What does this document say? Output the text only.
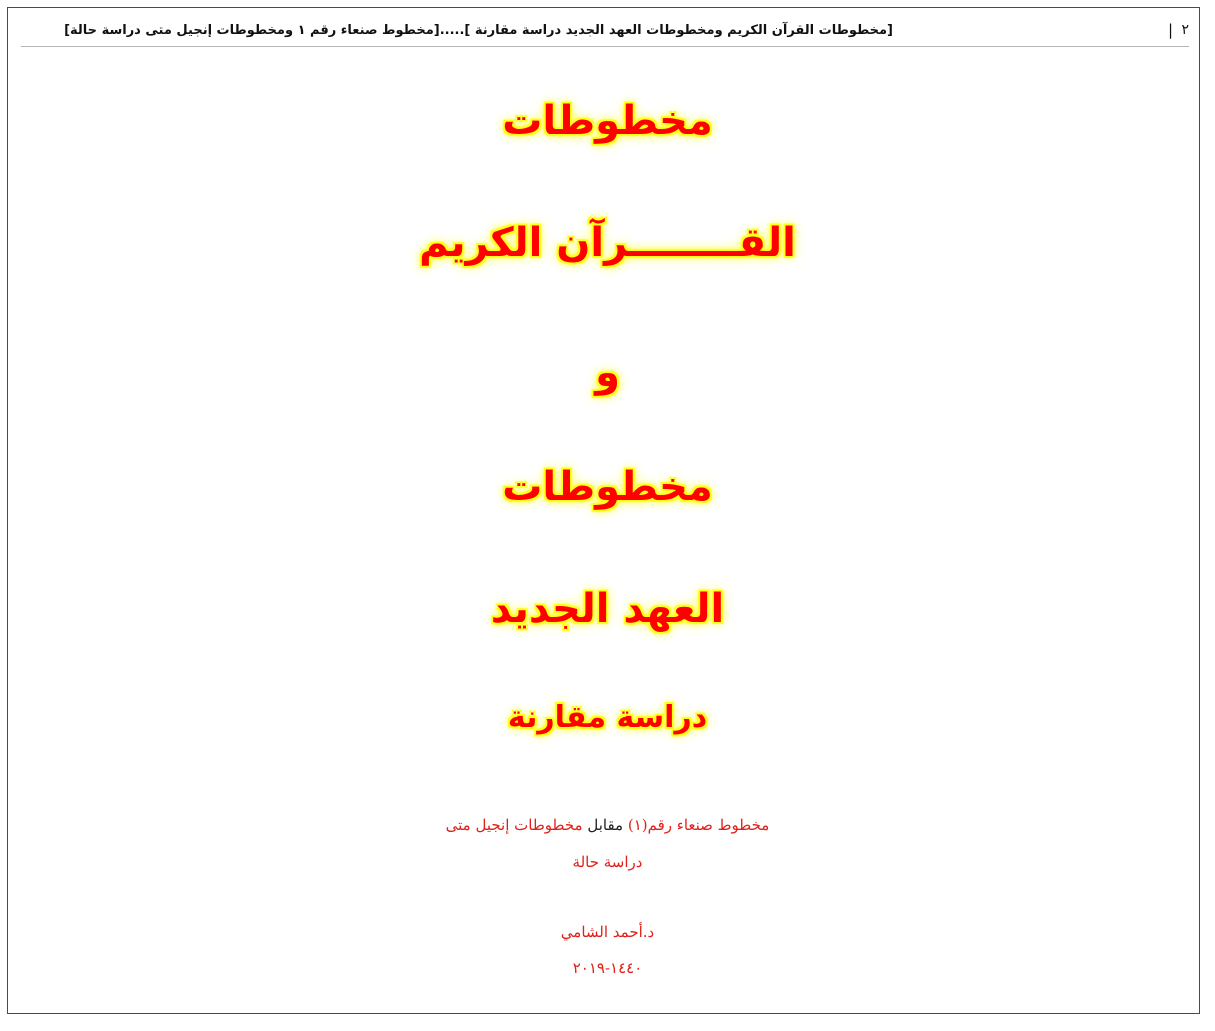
٢
|
[مخطوطات القرآن الكريم ومخطوطات العهد الجديد دراسة مقارنة ].....[مخطوط صنعاء رقم ١ ومخطوطات إنجيل متى دراسة حالة]
مخطوطات
القــــــــرآن الكريم
و
مخطوطات
العهد الجديد
دراسة مقارنة
مخطوط صنعاء رقم(١) مقابل مخطوطات إنجيل متى
دراسة حالة
د.أحمد الشامي
١٤٤٠-٢٠١٩
